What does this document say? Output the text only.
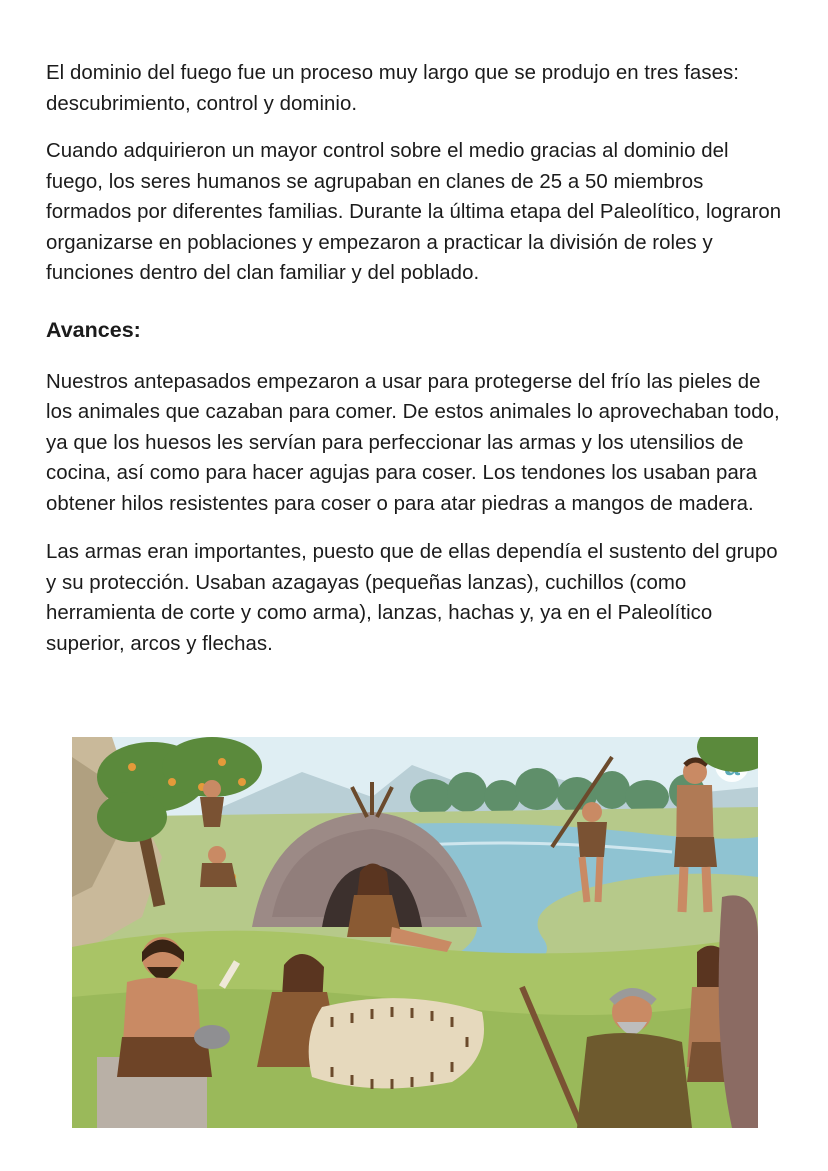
El dominio del fuego fue un proceso muy largo que se produjo en tres fases: descubrimiento, control y dominio.

Cuando adquirieron un mayor control sobre el medio gracias al dominio del fuego, los seres humanos se agrupaban en clanes de 25 a 50 miembros formados por diferentes familias. Durante la última etapa del Paleolítico, lograron organizarse en poblaciones y empezaron a practicar la división de roles y funciones dentro del clan familiar y del poblado.

Avances:

Nuestros antepasados empezaron a usar para protegerse del frío las pieles de los animales que cazaban para comer. De estos animales lo aprovechaban todo, ya que los huesos les servían para perfeccionar las armas y los utensilios de cocina, así como para hacer agujas para coser. Los tendones los usaban para obtener hilos resistentes para coser o para atar piedras a mangos de madera.

Las armas eran importantes, puesto que de ellas dependía el sustento del grupo y su protección. Usaban azagayas (pequeñas lanzas), cuchillos (como herramienta de corte y como arma), lanzas, hachas y, ya en el Paleolítico superior, arcos y flechas.
